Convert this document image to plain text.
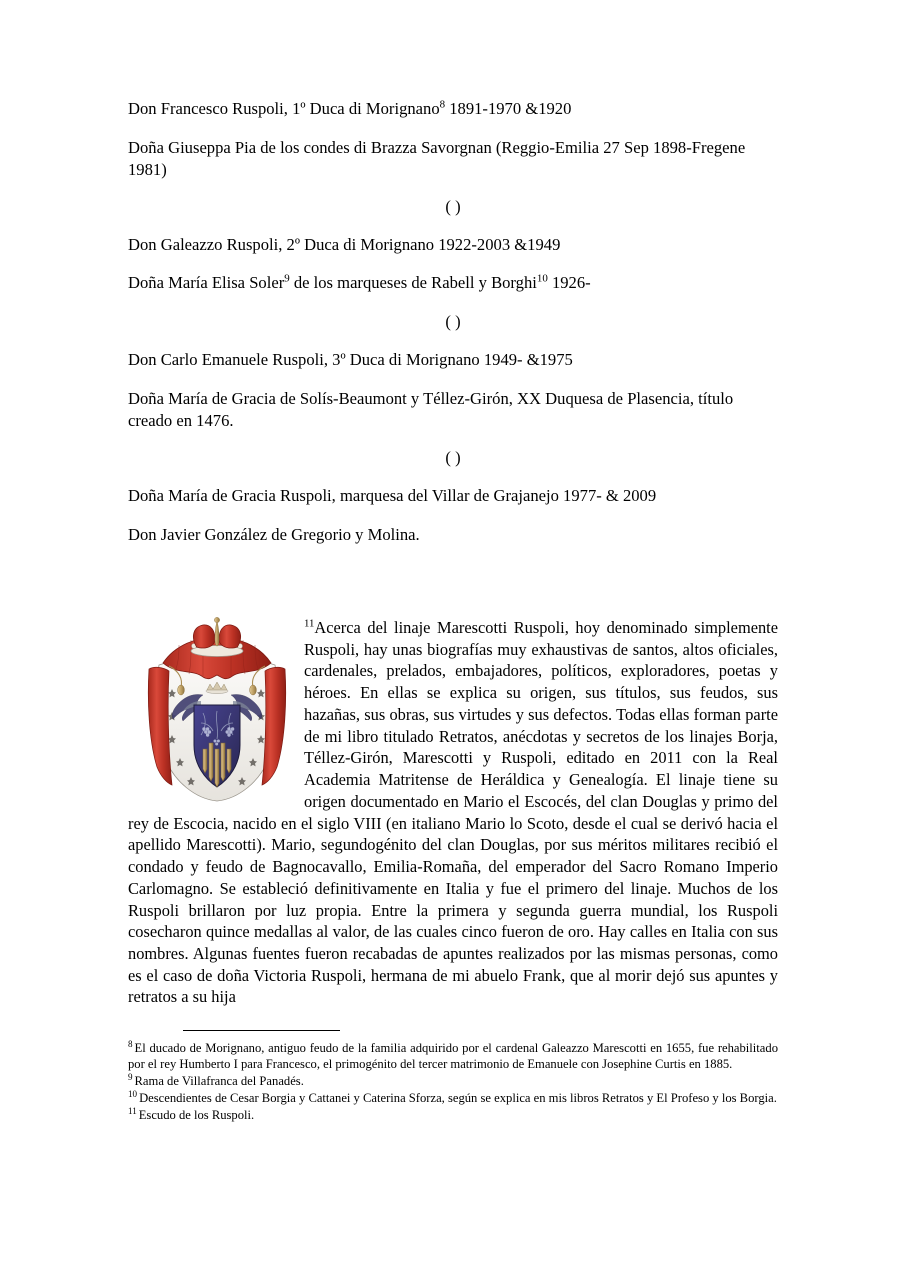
Don Francesco Ruspoli, 1º Duca di Morignano$^8$ 1891-1970 &1920

Doña Giuseppa Pia de los condes di Brazza Savorgnan (Reggio-Emilia 27 Sep 1898-Fregene 1981)

( )

Don Galeazzo Ruspoli, 2º Duca di Morignano 1922-2003 &1949

Doña María Elisa Soler$^9$ de los marqueses de Rabell y Borghi$^{10}$ 1926-

( )

Don Carlo Emanuele Ruspoli, 3º Duca di Morignano 1949- &1975

Doña María de Gracia de Solís-Beaumont y Téllez-Girón, XX Duquesa de Plasencia, título creado en 1476.

( )

Doña María de Gracia Ruspoli, marquesa del Villar de Grajanejo 1977- & 2009

Don Javier González de Gregorio y Molina.

$^{11}$Acerca del linaje Marescotti Ruspoli, hoy denominado simplemente Ruspoli, hay unas biografías muy exhaustivas de santos, altos oficiales, cardenales, prelados, embajadores, políticos, exploradores, poetas y héroes. En ellas se explica su origen, sus títulos, sus feudos, sus hazañas, sus obras, sus virtudes y sus defectos. Todas ellas forman parte de mi libro titulado Retratos, anécdotas y secretos de los linajes Borja, Téllez-Girón, Marescotti y Ruspoli, editado en 2011 con la Real Academia Matritense de Heráldica y Genealogía. El linaje tiene su origen documentado en Mario el Escocés, del clan Douglas y primo del rey de Escocia, nacido en el siglo VIII (en italiano Mario lo Scoto, desde el cual se derivó hacia el apellido Marescotti). Mario, segundogénito del clan Douglas, por sus méritos militares recibió el condado y feudo de Bagnocavallo, Emilia-Romaña, del emperador del Sacro Romano Imperio Carlomagno. Se estableció definitivamente en Italia y fue el primero del linaje. Muchos de los Ruspoli brillaron por luz propia. Entre la primera y segunda guerra mundial, los Ruspoli cosecharon quince medallas al valor, de las cuales cinco fueron de oro. Hay calles en Italia con sus nombres. Algunas fuentes fueron recabadas de apuntes realizados por las mismas personas, como es el caso de doña Victoria Ruspoli, hermana de mi abuelo Frank, que al morir dejó sus apuntes y retratos a su hija

$^8$ El ducado de Morignano, antiguo feudo de la familia adquirido por el cardenal Galeazzo Marescotti en 1655, fue rehabilitado por el rey Humberto I para Francesco, el primogénito del tercer matrimonio de Emanuele con Josephine Curtis en 1885.

$^9$ Rama de Villafranca del Panadés.

$^{10}$ Descendientes de Cesar Borgia y Cattanei y Caterina Sforza, según se explica en mis libros Retratos y El Profeso y los Borgia.

$^{11}$ Escudo de los Ruspoli.
